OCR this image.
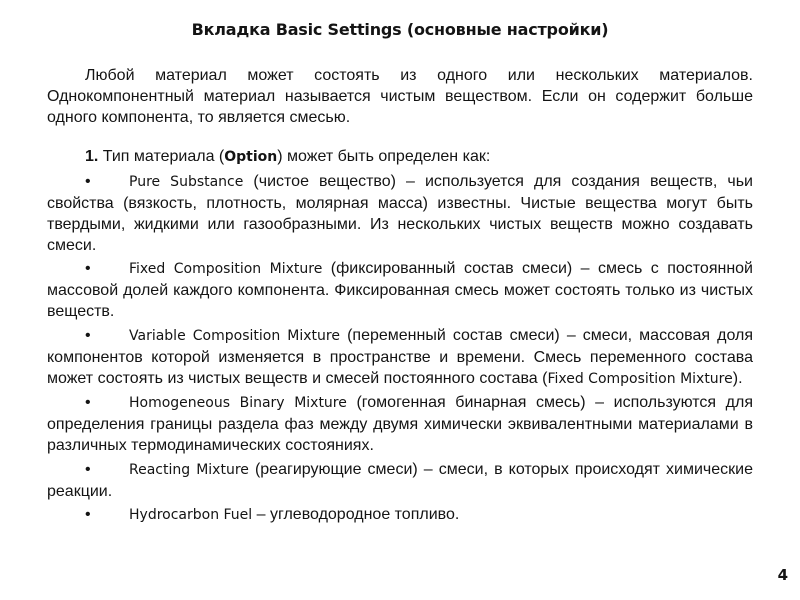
Вкладка Basic Settings (основные настройки)

Любой материал может состоять из одного или нескольких материалов. Однокомпонентный материал называется чистым веществом. Если он содержит больше одного компонента, то является смесью.

1. Тип материала (Option) может быть определен как:

•	Pure Substance (чистое вещество) – используется для создания веществ, чьи свойства (вязкость, плотность, молярная масса) известны. Чистые вещества могут быть твердыми, жидкими или газообразными. Из нескольких чистых веществ можно создавать смеси.

•	Fixed Composition Mixture (фиксированный состав смеси) – смесь с постоянной массовой долей каждого компонента. Фиксированная смесь может состоять только из чистых веществ.

•	Variable Composition Mixture (переменный состав смеси) – смеси, массовая доля компонентов которой изменяется в пространстве и времени. Смесь переменного состава может состоять из чистых веществ и смесей постоянного состава (Fixed Composition Mixture).

•	Homogeneous Binary Mixture (гомогенная бинарная смесь) – используются для определения границы раздела фаз между двумя химически эквивалентными материалами в различных термодинамических состояниях.

•	Reacting Mixture (реагирующие смеси) – смеси, в которых происходят химические реакции.

•	Hydrocarbon Fuel – углеводородное топливо.

4
